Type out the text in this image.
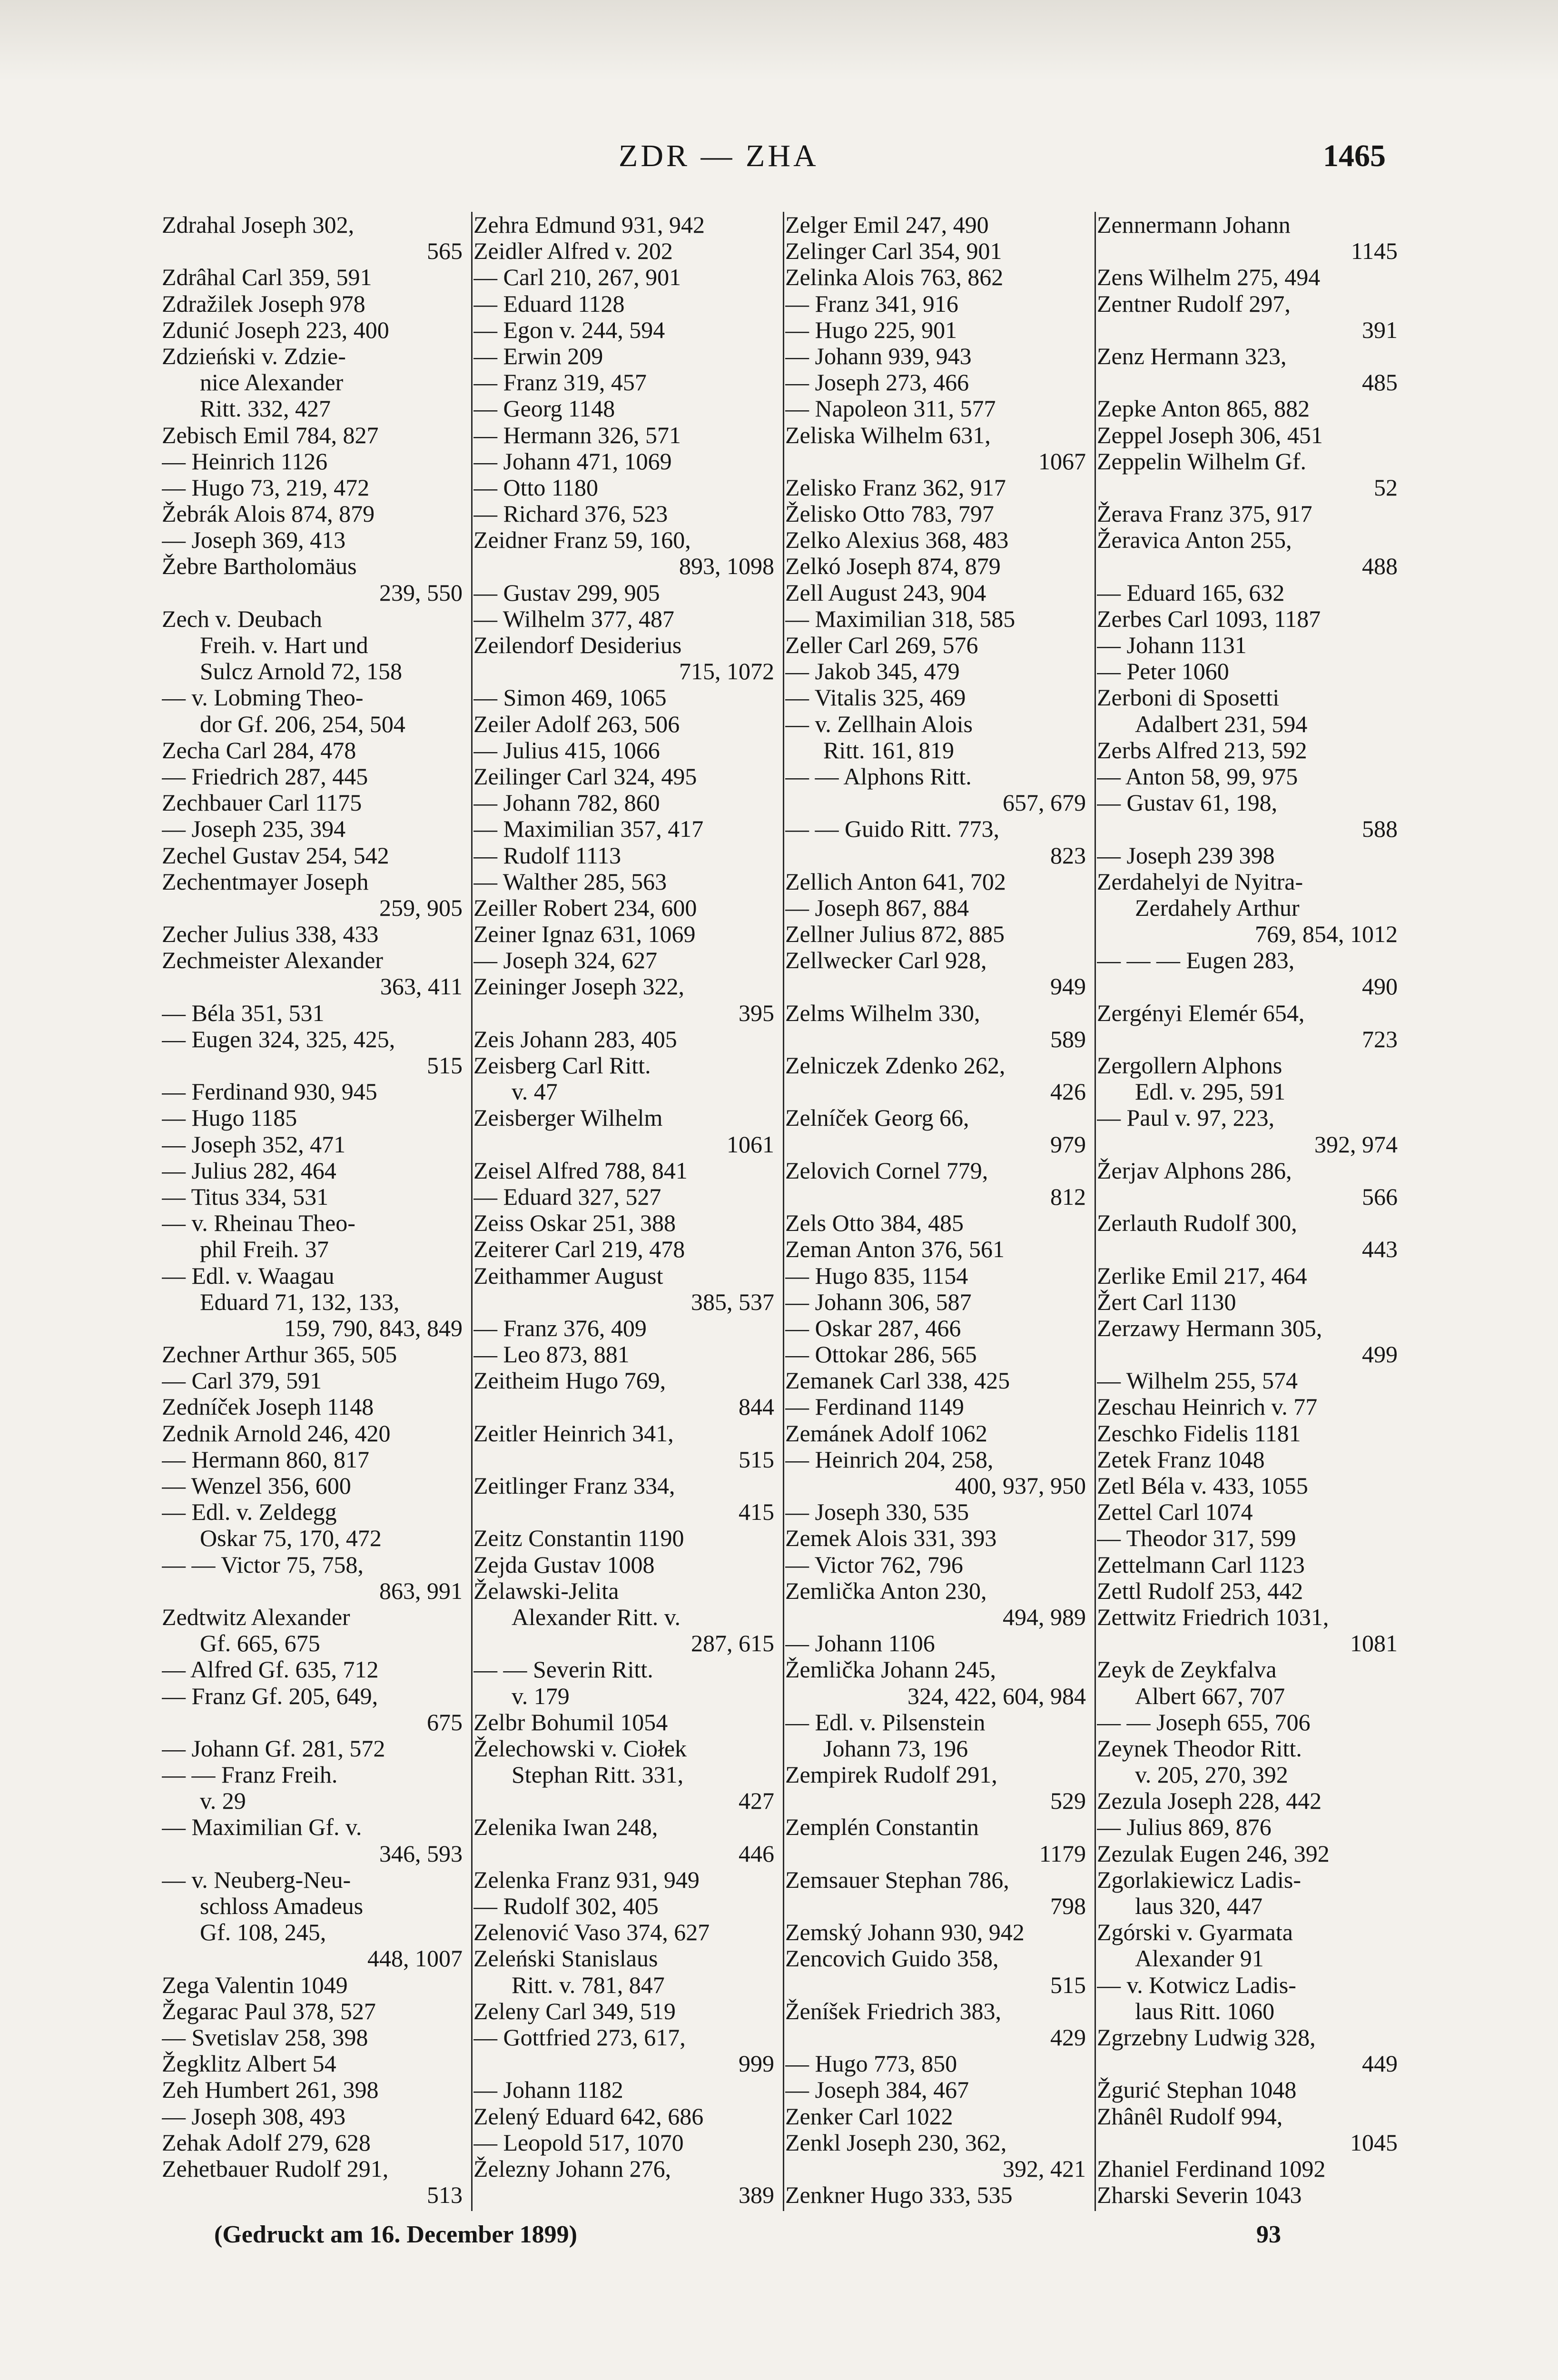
ZDR — ZHA	1465
Zdrahal Joseph 302,
565
Zdrâhal Carl 359, 591
Zdražilek Joseph 978
Zdunić Joseph 223, 400
Zdzieński v. Zdzie-
nice Alexander
Ritt. 332, 427
Zebisch Emil 784, 827
— Heinrich 1126
— Hugo 73, 219, 472
Žebrák Alois 874, 879
— Joseph 369, 413
Žebre Bartholomäus
239, 550
Zech v. Deubach
Freih. v. Hart und
Sulcz Arnold 72, 158
— v. Lobming Theo-
dor Gf. 206, 254, 504
Zecha Carl 284, 478
— Friedrich 287, 445
Zechbauer Carl 1175
— Joseph 235, 394
Zechel Gustav 254, 542
Zechentmayer Joseph
259, 905
Zecher Julius 338, 433
Zechmeister Alexander
363, 411
— Béla 351, 531
— Eugen 324, 325, 425,
515
— Ferdinand 930, 945
— Hugo 1185
— Joseph 352, 471
— Julius 282, 464
— Titus 334, 531
— v. Rheinau Theo-
phil Freih. 37
— Edl. v. Waagau
Eduard 71, 132, 133,
159, 790, 843, 849
Zechner Arthur 365, 505
— Carl 379, 591
Zedníček Joseph 1148
Zednik Arnold 246, 420
— Hermann 860, 817
— Wenzel 356, 600
— Edl. v. Zeldegg
Oskar 75, 170, 472
— — Victor 75, 758,
863, 991
Zedtwitz Alexander
Gf. 665, 675
— Alfred Gf. 635, 712
— Franz Gf. 205, 649,
675
— Johann Gf. 281, 572
— — Franz Freih.
v. 29
— Maximilian Gf. v.
346, 593
— v. Neuberg-Neu-
schloss Amadeus
Gf. 108, 245,
448, 1007
Zega Valentin 1049
Žegarac Paul 378, 527
— Svetislav 258, 398
Žegklitz Albert 54
Zeh Humbert 261, 398
— Joseph 308, 493
Zehak Adolf 279, 628
Zehetbauer Rudolf 291,
513
Zehra Edmund 931, 942
Zeidler Alfred v. 202
— Carl 210, 267, 901
— Eduard 1128
— Egon v. 244, 594
— Erwin 209
— Franz 319, 457
— Georg 1148
— Hermann 326, 571
— Johann 471, 1069
— Otto 1180
— Richard 376, 523
Zeidner Franz 59, 160,
893, 1098
— Gustav 299, 905
— Wilhelm 377, 487
Zeilendorf Desiderius
715, 1072
— Simon 469, 1065
Zeiler Adolf 263, 506
— Julius 415, 1066
Zeilinger Carl 324, 495
— Johann 782, 860
— Maximilian 357, 417
— Rudolf 1113
— Walther 285, 563
Zeiller Robert 234, 600
Zeiner Ignaz 631, 1069
— Joseph 324, 627
Zeininger Joseph 322,
395
Zeis Johann 283, 405
Zeisberg Carl Ritt.
v. 47
Zeisberger Wilhelm
1061
Zeisel Alfred 788, 841
— Eduard 327, 527
Zeiss Oskar 251, 388
Zeiterer Carl 219, 478
Zeithammer August
385, 537
— Franz 376, 409
— Leo 873, 881
Zeitheim Hugo 769,
844
Zeitler Heinrich 341,
515
Zeitlinger Franz 334,
415
Zeitz Constantin 1190
Zejda Gustav 1008
Želawski-Jelita
Alexander Ritt. v.
287, 615
— — Severin Ritt.
v. 179
Zelbr Bohumil 1054
Želechowski v. Ciołek
Stephan Ritt. 331,
427
Zelenika Iwan 248,
446
Zelenka Franz 931, 949
— Rudolf 302, 405
Zelenović Vaso 374, 627
Zeleński Stanislaus
Ritt. v. 781, 847
Zeleny Carl 349, 519
— Gottfried 273, 617,
999
— Johann 1182
Zelený Eduard 642, 686
— Leopold 517, 1070
Železny Johann 276,
389
Zelger Emil 247, 490
Zelinger Carl 354, 901
Zelinka Alois 763, 862
— Franz 341, 916
— Hugo 225, 901
— Johann 939, 943
— Joseph 273, 466
— Napoleon 311, 577
Zeliska Wilhelm 631,
1067
Zelisko Franz 362, 917
Želisko Otto 783, 797
Zelko Alexius 368, 483
Zelkó Joseph 874, 879
Zell August 243, 904
— Maximilian 318, 585
Zeller Carl 269, 576
— Jakob 345, 479
— Vitalis 325, 469
— v. Zellhain Alois
Ritt. 161, 819
— — Alphons Ritt.
657, 679
— — Guido Ritt. 773,
823
Zellich Anton 641, 702
— Joseph 867, 884
Zellner Julius 872, 885
Zellwecker Carl 928,
949
Zelms Wilhelm 330,
589
Zelniczek Zdenko 262,
426
Zelníček Georg 66,
979
Zelovich Cornel 779,
812
Zels Otto 384, 485
Zeman Anton 376, 561
— Hugo 835, 1154
— Johann 306, 587
— Oskar 287, 466
— Ottokar 286, 565
Zemanek Carl 338, 425
— Ferdinand 1149
Zemánek Adolf 1062
— Heinrich 204, 258,
400, 937, 950
— Joseph 330, 535
Zemek Alois 331, 393
— Victor 762, 796
Zemlička Anton 230,
494, 989
— Johann 1106
Žemlička Johann 245,
324, 422, 604, 984
— Edl. v. Pilsenstein
Johann 73, 196
Zempirek Rudolf 291,
529
Zemplén Constantin
1179
Zemsauer Stephan 786,
798
Zemský Johann 930, 942
Zencovich Guido 358,
515
Ženíšek Friedrich 383,
429
— Hugo 773, 850
— Joseph 384, 467
Zenker Carl 1022
Zenkl Joseph 230, 362,
392, 421
Zenkner Hugo 333, 535
Zennermann Johann
1145
Zens Wilhelm 275, 494
Zentner Rudolf 297,
391
Zenz Hermann 323,
485
Zepke Anton 865, 882
Zeppel Joseph 306, 451
Zeppelin Wilhelm Gf.
52
Žerava Franz 375, 917
Žeravica Anton 255,
488
— Eduard 165, 632
Zerbes Carl 1093, 1187
— Johann 1131
— Peter 1060
Zerboni di Sposetti
Adalbert 231, 594
Zerbs Alfred 213, 592
— Anton 58, 99, 975
— Gustav 61, 198,
588
— Joseph 239 398
Zerdahelyi de Nyitra-
Zerdahely Arthur
769, 854, 1012
— — — Eugen 283,
490
Zergényi Elemér 654,
723
Zergollern Alphons
Edl. v. 295, 591
— Paul v. 97, 223,
392, 974
Žerjav Alphons 286,
566
Zerlauth Rudolf 300,
443
Zerlike Emil 217, 464
Žert Carl 1130
Zerzawy Hermann 305,
499
— Wilhelm 255, 574
Zeschau Heinrich v. 77
Zeschko Fidelis 1181
Zetek Franz 1048
Zetl Béla v. 433, 1055
Zettel Carl 1074
— Theodor 317, 599
Zettelmann Carl 1123
Zettl Rudolf 253, 442
Zettwitz Friedrich 1031,
1081
Zeyk de Zeykfalva
Albert 667, 707
— — Joseph 655, 706
Zeynek Theodor Ritt.
v. 205, 270, 392
Zezula Joseph 228, 442
— Julius 869, 876
Zezulak Eugen 246, 392
Zgorlakiewicz Ladis-
laus 320, 447
Zgórski v. Gyarmata
Alexander 91
— v. Kotwicz Ladis-
laus Ritt. 1060
Zgrzebny Ludwig 328,
449
Žgurić Stephan 1048
Zhânêl Rudolf 994,
1045
Zhaniel Ferdinand 1092
Zharski Severin 1043
(Gedruckt am 16. December 1899)	93
